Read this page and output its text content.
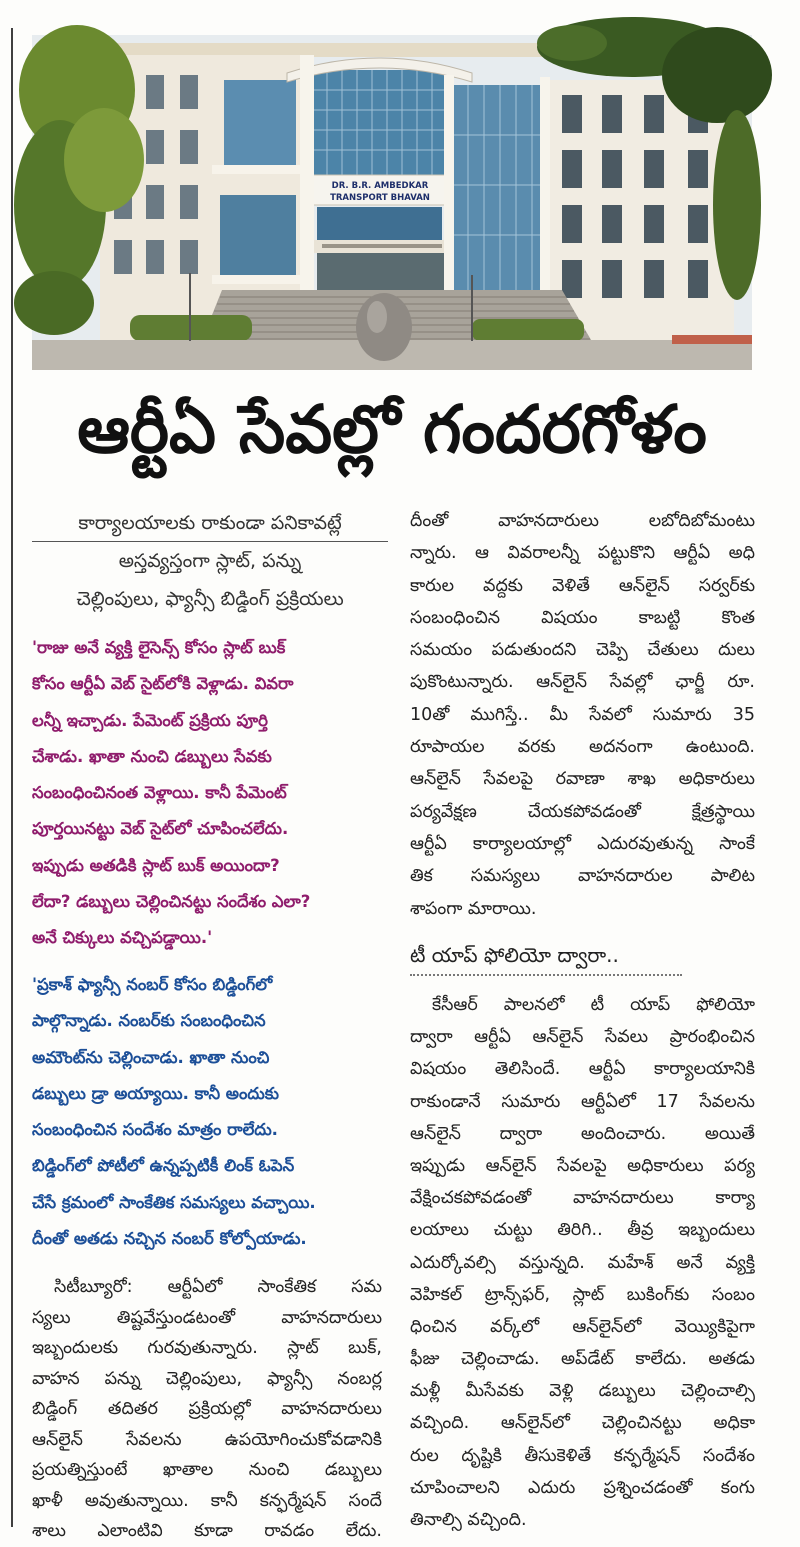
DR. B.R. AMBEDKAR
TRANSPORT BHAVAN
ఆర్టీఏ సేవల్లో గందరగోళం
కార్యాలయాలకు రాకుండా పనికావట్లే
అస్తవ్యస్తంగా స్లాట్, పన్ను
చెల్లింపులు, ఫ్యాన్సీ బిడ్డింగ్ ప్రక్రియలు
'రాజు అనే వ్యక్తి లైసెన్స్ కోసం స్లాట్ బుక్
కోసం ఆర్టీఏ వెబ్ సైట్‌లోకి వెళ్లాడు. వివరా
లన్నీ ఇచ్చాడు. పేమెంట్ ప్రక్రియ పూర్తి
చేశాడు. ఖాతా నుంచి డబ్బులు సేవకు
సంబంధించినంత వెళ్లాయి. కానీ పేమెంట్
పూర్తయినట్టు వెబ్ సైట్‌లో చూపించలేదు.
ఇప్పుడు అతడికి స్లాట్ బుక్ అయిందా?
లేదా? డబ్బులు చెల్లించినట్టు సందేశం ఎలా?
అనే చిక్కులు వచ్చిపడ్డాయి.'
'ప్రకాశ్ ఫ్యాన్సీ నంబర్ కోసం బిడ్డింగ్‌లో
పాల్గొన్నాడు. నంబర్‌కు సంబంధించిన
అమౌంట్‌ను చెల్లించాడు. ఖాతా నుంచి
డబ్బులు డ్రా అయ్యాయి. కానీ అందుకు
సంబంధించిన సందేశం మాత్రం రాలేదు.
బిడ్డింగ్‌లో పోటీలో ఉన్నప్పటికీ లింక్ ఓపెన్
చేసే క్రమంలో సాంకేతిక సమస్యలు వచ్చాయి.
దీంతో అతడు నచ్చిన నంబర్ కోల్పోయాడు.
సిటీబ్యూరో: ఆర్టీఏలో సాంకేతిక సమ
స్యలు తిష్టవేస్తుండటంతో వాహనదారులు
ఇబ్బందులకు గురవుతున్నారు. స్లాట్ బుక్,
వాహన పన్ను చెల్లింపులు, ఫ్యాన్సీ నంబర్ల
బిడ్డింగ్ తదితర ప్రక్రియల్లో వాహనదారులు
ఆన్‌లైన్ సేవలను ఉపయోగించుకోవడానికి
ప్రయత్నిస్తుంటే ఖాతాల నుంచి డబ్బులు
ఖాళీ అవుతున్నాయి. కానీ కన్ఫర్మేషన్ సందే
శాలు ఎలాంటివి కూడా రావడం లేదు.
దీంతో వాహనదారులు లబోదిబోమంటు
న్నారు. ఆ వివరాలన్నీ పట్టుకొని ఆర్టీఏ అధి
కారుల వద్దకు వెళితే ఆన్‌లైన్ సర్వర్‌కు
సంబంధించిన విషయం కాబట్టి కొంత
సమయం పడుతుందని చెప్పి చేతులు దులు
పుకొంటున్నారు. ఆన్‌లైన్ సేవల్లో ఛార్జీ రూ.
10తో ముగిస్తే.. మీ సేవలో సుమారు 35
రూపాయల వరకు అదనంగా ఉంటుంది.
ఆన్‌లైన్ సేవలపై రవాణా శాఖ అధికారులు
పర్యవేక్షణ చేయకపోవడంతో క్షేత్రస్థాయి
ఆర్టీఏ కార్యాలయాల్లో ఎదురవుతున్న సాంకే
తిక సమస్యలు వాహనదారుల పాలిట
శాపంగా మారాయి.
టీ యాప్ ఫోలియో ద్వారా..
కేసీఆర్ పాలనలో టీ యాప్ ఫోలియో
ద్వారా ఆర్టీఏ ఆన్‌లైన్ సేవలు ప్రారంభించిన
విషయం తెలిసిందే. ఆర్టీఏ కార్యాలయానికి
రాకుండానే సుమారు ఆర్టీఏలో 17 సేవలను
ఆన్‌లైన్ ద్వారా అందించారు. అయితే
ఇప్పుడు ఆన్‌లైన్ సేవలపై అధికారులు పర్య
వేక్షించకపోవడంతో వాహనదారులు కార్యా
లయాలు చుట్టు తిరిగి.. తీవ్ర ఇబ్బందులు
ఎదుర్కోవల్సి వస్తున్నది. మహేశ్ అనే వ్యక్తి
వెహికల్ ట్రాన్స్‌ఫర్, స్లాట్ బుకింగ్‌కు సంబం
ధించిన వర్క్‌లో ఆన్‌లైన్‌లో వెయ్యికిపైగా
ఫీజు చెల్లించాడు. అప్‌డేట్ కాలేదు. అతడు
మళ్లీ మీసేవకు వెళ్లి డబ్బులు చెల్లించాల్సి
వచ్చింది. ఆన్‌లైన్‌లో చెల్లించినట్టు అధికా
రుల దృష్టికి తీసుకెళితే కన్ఫర్మేషన్ సందేశం
చూపించాలని ఎదురు ప్రశ్నించడంతో కంగు
తినాల్సి వచ్చింది.
